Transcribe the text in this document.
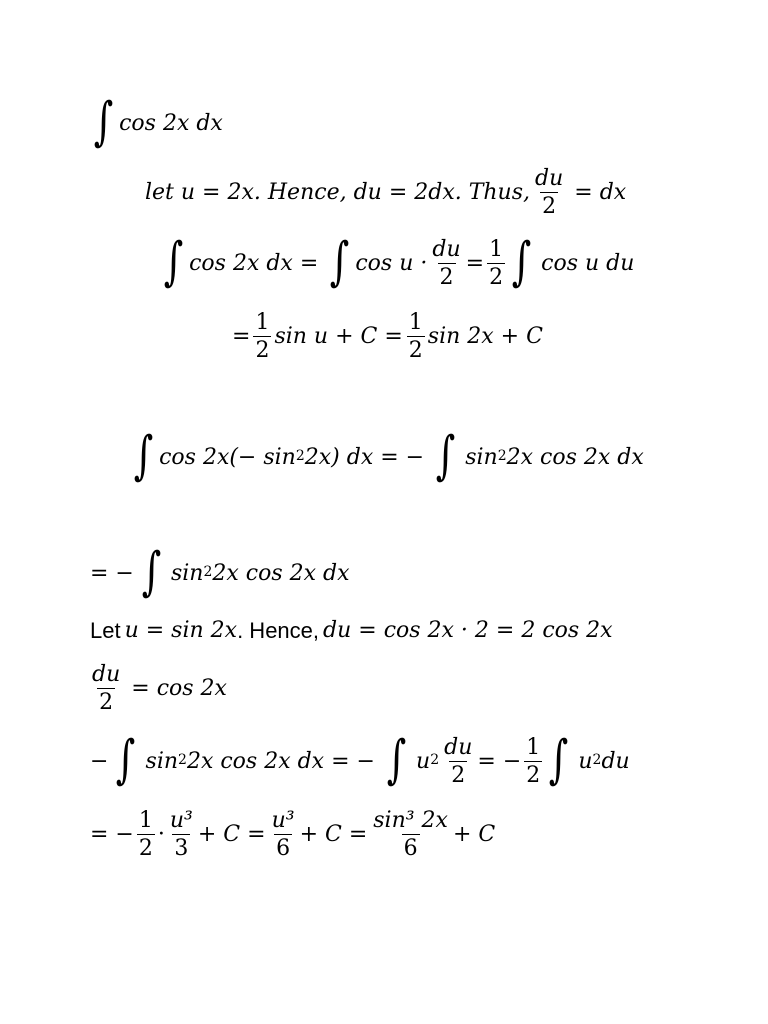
∫ cos 2x dx
let u = 2x. Hence, du = 2dx. Thus, $\frac{du}{2}$ = dx
∫ cos 2x dx = ∫ $\cos u \cdot \frac{du}{2} = \frac{1}{2}$ ∫ cos u du
= $\frac{1}{2}$ $\sin u + C = \frac{1}{2}$ sin 2x + C
∫ $\cos 2x(- \sin^2 2x)$ dx = − ∫ $\sin^2 2x$ cos 2x dx
= − ∫ $\sin^2 2x$ cos 2x dx
Let u = sin 2x . Hence, du = cos 2x · 2 = 2 cos 2x
$\frac{du}{2} = \cos 2x$
− ∫ $\sin^2 2x$ cos 2x dx = − ∫ $u^2 \frac{du}{2}$ = − $\frac{1}{2}$ ∫ $u^2$ du
= − $\frac{1}{2} \cdot \frac{\text{u³}}{3} + C = \frac{\text{u³}}{6} + C = \frac{\text{sin³ 2x}}{6} + C$
